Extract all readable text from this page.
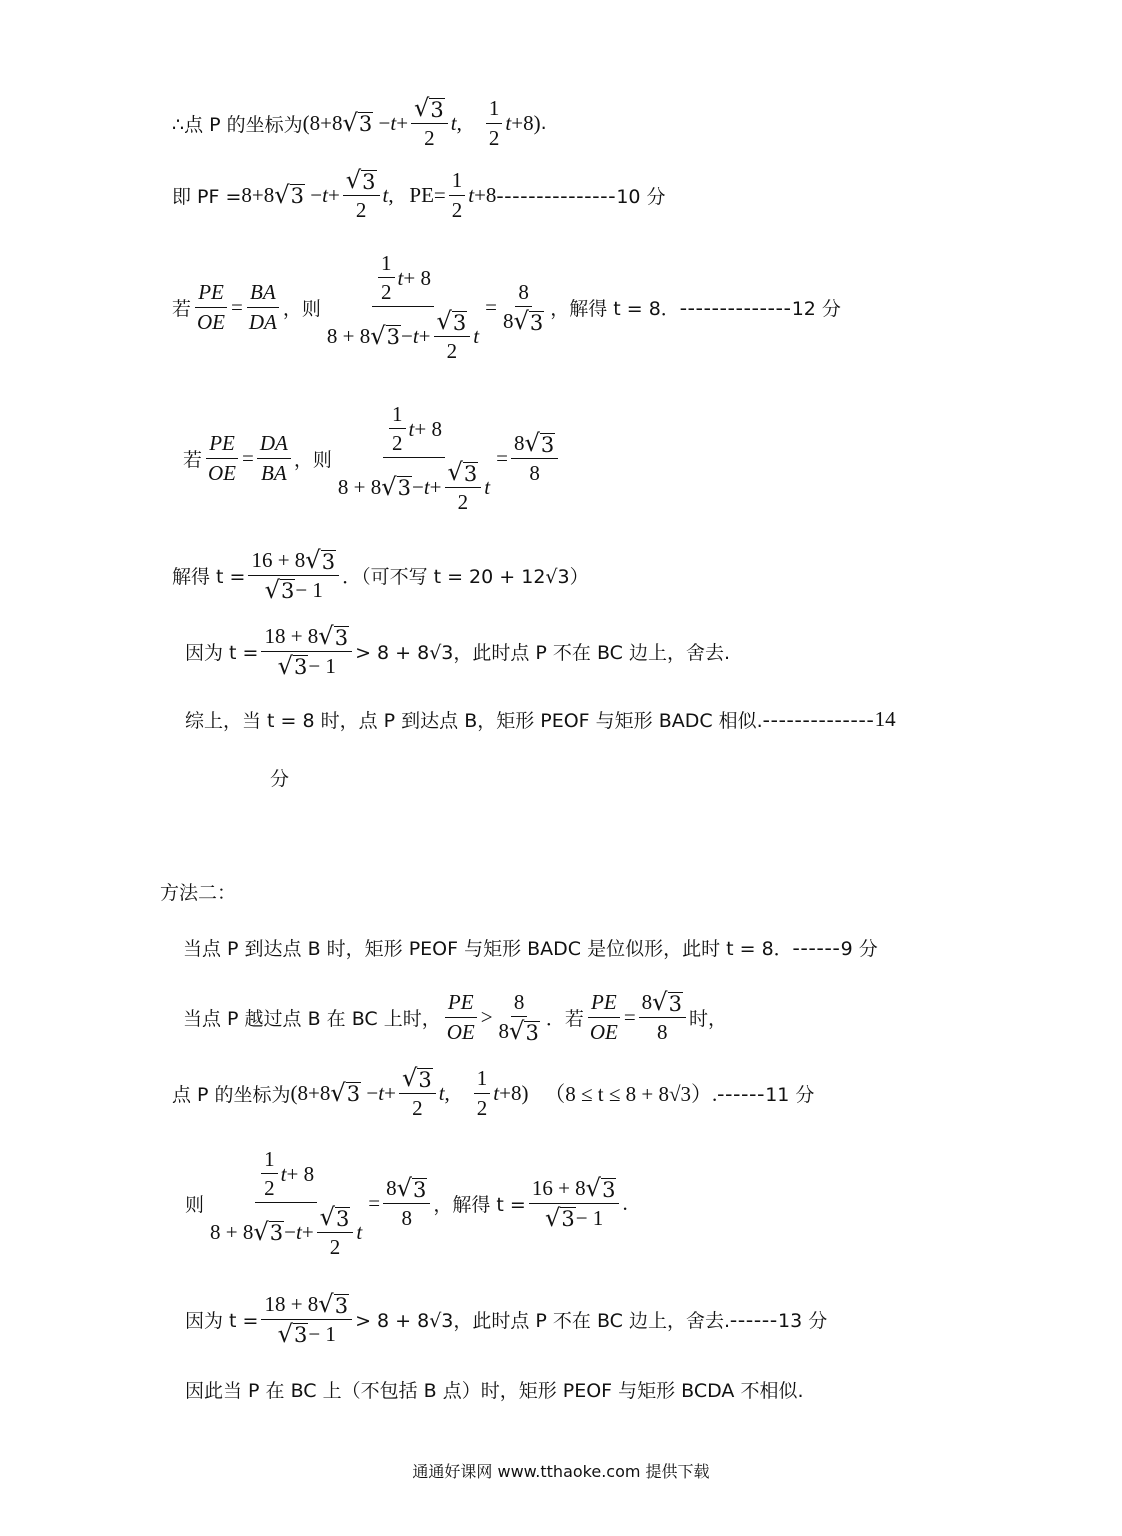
∴点 P 的坐标为 (8+8 √ $3 - t + \frac{√ 3}{2}$ t , $\frac{1}{2}$ t +8) .
即 PF = 8+8 √ $3 - t + \frac{√ 3}{2}$ t , $PE= \frac{1}{2}$ t +8 --------------- 10 分
若 $\frac{PE}{OE} = \frac{BA}{DA}$ ，则 $\frac{\frac{1}{2} t + 8}{8 + 8 √ 3 - t + \frac{√ 3}{2} t} = \frac{8}{8 √ 3}$ ，解得 t = 8． -------------- 12 分
若 $\frac{PE}{OE} = \frac{DA}{BA}$ ，则 $\frac{\frac{1}{2} t + 8}{8 + 8 √ 3 - t + \frac{√ 3}{2} t} = \frac{8 √ 3}{8}$
解得 $t = \frac{16 + 8 √ 3}{√ 3 - 1}$ ．（可不写 t = 20 + 12√3）
因为 $t = \frac{18 + 8 √ 3}{√ 3 - 1} > 8 + 8√3$，此时点 P 不在 BC 边上，舍去.
综上，当 t = 8 时，点 P 到达点 B，矩形 PEOF 与矩形 BADC 相似. -------------- 14
分
方法二：
当点 P 到达点 B 时，矩形 PEOF 与矩形 BADC 是位似形，此时 t = 8． ------ 9 分
当点 P 越过点 B 在 BC 上时， $\frac{PE}{OE} > \frac{8}{8 √ 3}$ ．若 $\frac{PE}{OE} = \frac{8 √ 3}{8}$ 时，
点 P 的坐标为 (8+8 √ $3 - t + \frac{√ 3}{2}$ t , $\frac{1}{2}$ t +8) （8 ≤ t ≤ 8 + 8√3）. ------ 11 分
则 $\frac{\frac{1}{2} t + 8}{8 + 8 √ 3 - t + \frac{√ 3}{2} t} = \frac{8 √ 3}{8}$ ，解得 $t = \frac{16 + 8 √ 3}{√ 3 - 1}$ .
因为 $t = \frac{18 + 8 √ 3}{√ 3 - 1} > 8 + 8√3$，此时点 P 不在 BC 边上，舍去. ------ 13 分
因此当 P 在 BC 上（不包括 B 点）时，矩形 PEOF 与矩形 BCDA 不相似.
通通好课网 www.tthaoke.com 提供下载
